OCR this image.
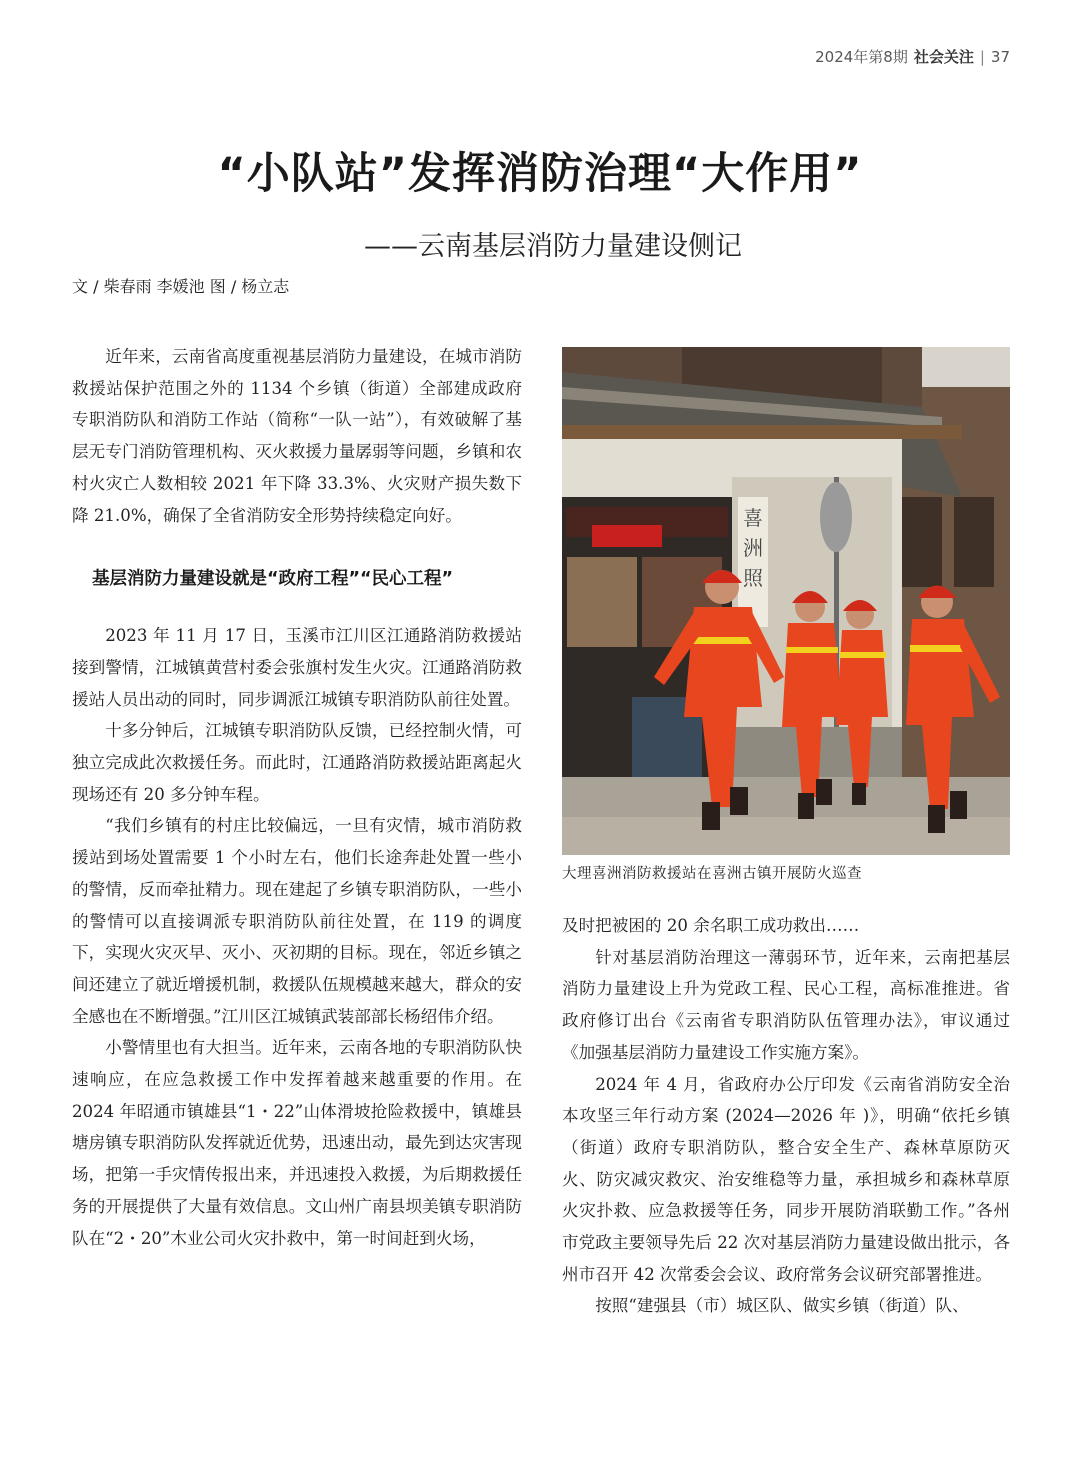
2024年第8期 社会关注 | 37
“小队站”发挥消防治理“大作用”
——云南基层消防力量建设侧记
文 / 柴春雨 李媛池 图 / 杨立志

近年来，云南省高度重视基层消防力量建设，在城市消防救援站保护范围之外的 1134 个乡镇（街道）全部建成政府专职消防队和消防工作站（简称“一队一站”），有效破解了基层无专门消防管理机构、灭火救援力量孱弱等问题，乡镇和农村火灾亡人数相较 2021 年下降 33.3%、火灾财产损失数下降 21.0%，确保了全省消防安全形势持续稳定向好。

基层消防力量建设就是“政府工程”“民心工程”

2023 年 11 月 17 日，玉溪市江川区江通路消防救援站接到警情，江城镇黄营村委会张旗村发生火灾。江通路消防救援站人员出动的同时，同步调派江城镇专职消防队前往处置。

十多分钟后，江城镇专职消防队反馈，已经控制火情，可独立完成此次救援任务。而此时，江通路消防救援站距离起火现场还有 20 多分钟车程。

“我们乡镇有的村庄比较偏远，一旦有灾情，城市消防救援站到场处置需要 1 个小时左右，他们长途奔赴处置一些小的警情，反而牵扯精力。现在建起了乡镇专职消防队，一些小的警情可以直接调派专职消防队前往处置，在 119 的调度下，实现火灾灭早、灭小、灭初期的目标。现在，邻近乡镇之间还建立了就近增援机制，救援队伍规模越来越大，群众的安全感也在不断增强。”江川区江城镇武装部部长杨绍伟介绍。

小警情里也有大担当。近年来，云南各地的专职消防队快速响应，在应急救援工作中发挥着越来越重要的作用。在 2024 年昭通市镇雄县“1・22”山体滑坡抢险救援中，镇雄县塘房镇专职消防队发挥就近优势，迅速出动，最先到达灾害现场，把第一手灾情传报出来，并迅速投入救援，为后期救援任务的开展提供了大量有效信息。文山州广南县坝美镇专职消防队在“2・20”木业公司火灾扑救中，第一时间赶到火场，

喜
洲
照
大理喜洲消防救援站在喜洲古镇开展防火巡查

及时把被困的 20 余名职工成功救出……

针对基层消防治理这一薄弱环节，近年来，云南把基层消防力量建设上升为党政工程、民心工程，高标准推进。省政府修订出台《云南省专职消防队伍管理办法》，审议通过《加强基层消防力量建设工作实施方案》。

2024 年 4 月，省政府办公厅印发《云南省消防安全治本攻坚三年行动方案 (2024—2026 年 )》，明确“依托乡镇（街道）政府专职消防队，整合安全生产、森林草原防灭火、防灾减灾救灾、治安维稳等力量，承担城乡和森林草原火灾扑救、应急救援等任务，同步开展防消联勤工作。”各州市党政主要领导先后 22 次对基层消防力量建设做出批示，各州市召开 42 次常委会会议、政府常务会议研究部署推进。

按照“建强县（市）城区队、做实乡镇（街道）队、
